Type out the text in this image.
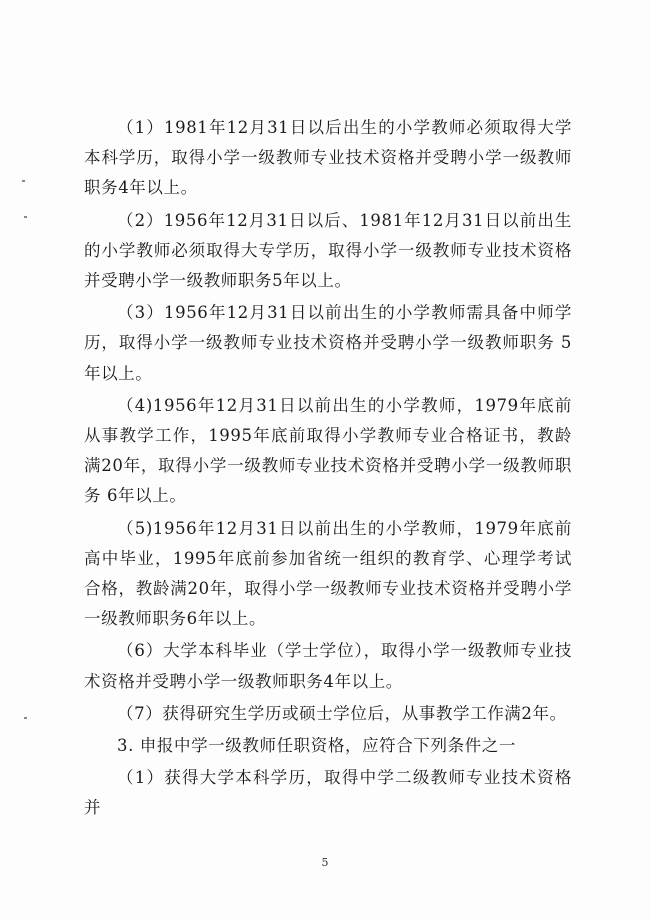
（1）1981年12月31日以后出生的小学教师必须取得大学本科学历，取得小学一级教师专业技术资格并受聘小学一级教师职务4年以上。

（2）1956年12月31日以后、1981年12月31日以前出生的小学教师必须取得大专学历，取得小学一级教师专业技术资格并受聘小学一级教师职务5年以上。

（3）1956年12月31日以前出生的小学教师需具备中师学历，取得小学一级教师专业技术资格并受聘小学一级教师职务 5年以上。

（4)1956年12月31日以前出生的小学教师，1979年底前从事教学工作，1995年底前取得小学教师专业合格证书，教龄满20年，取得小学一级教师专业技术资格并受聘小学一级教师职务 6年以上。

（5)1956年12月31日以前出生的小学教师，1979年底前高中毕业，1995年底前参加省统一组织的教育学、心理学考试合格，教龄满20年，取得小学一级教师专业技术资格并受聘小学一级教师职务6年以上。

（6）大学本科毕业（学士学位），取得小学一级教师专业技术资格并受聘小学一级教师职务4年以上。

（7）获得研究生学历或硕士学位后，从事教学工作满2年。

3. 申报中学一级教师任职资格，应符合下列条件之一

（1）获得大学本科学历，取得中学二级教师专业技术资格并

5
